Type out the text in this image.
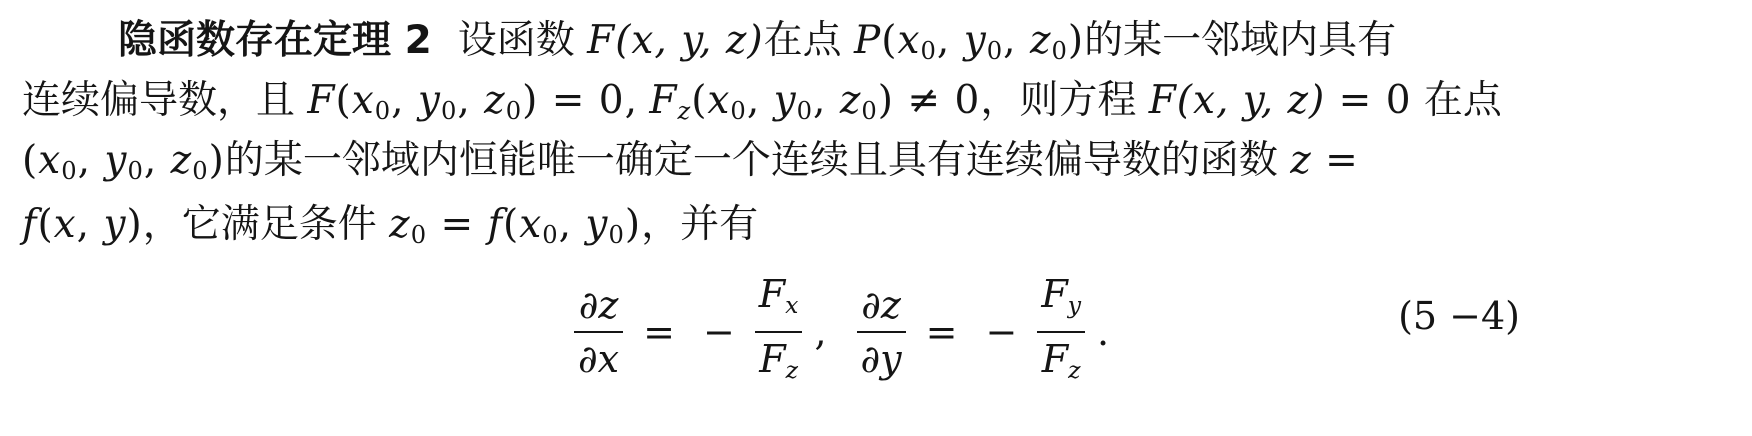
隐函数存在定理 2 设函数 F(x, y, z)在点 $P(x_0$, $y_0$, $z_0$)的某一邻域内具有
连续偏导数，且 $F(x_0$, $y_0$, $z_0) = 0$, $F_z(x_0$, $y_0$, $z_0) \ne 0$，则方程 F(x, y, z) = 0 在点
($x_0$, $y_0$, $z_0$)的某一邻域内恒能唯一确定一个连续且具有连续偏导数的函数 z =
f(x, y)，它满足条件 $z_0 = f(x_0$, $y_0$)，并有
$\frac{\partial z}{\partial x}$ = − $\frac{F_x}{F_z}$ , $\frac{\partial z}{\partial y}$ = − $\frac{F_y}{F_z}$ .	(5 −4)
